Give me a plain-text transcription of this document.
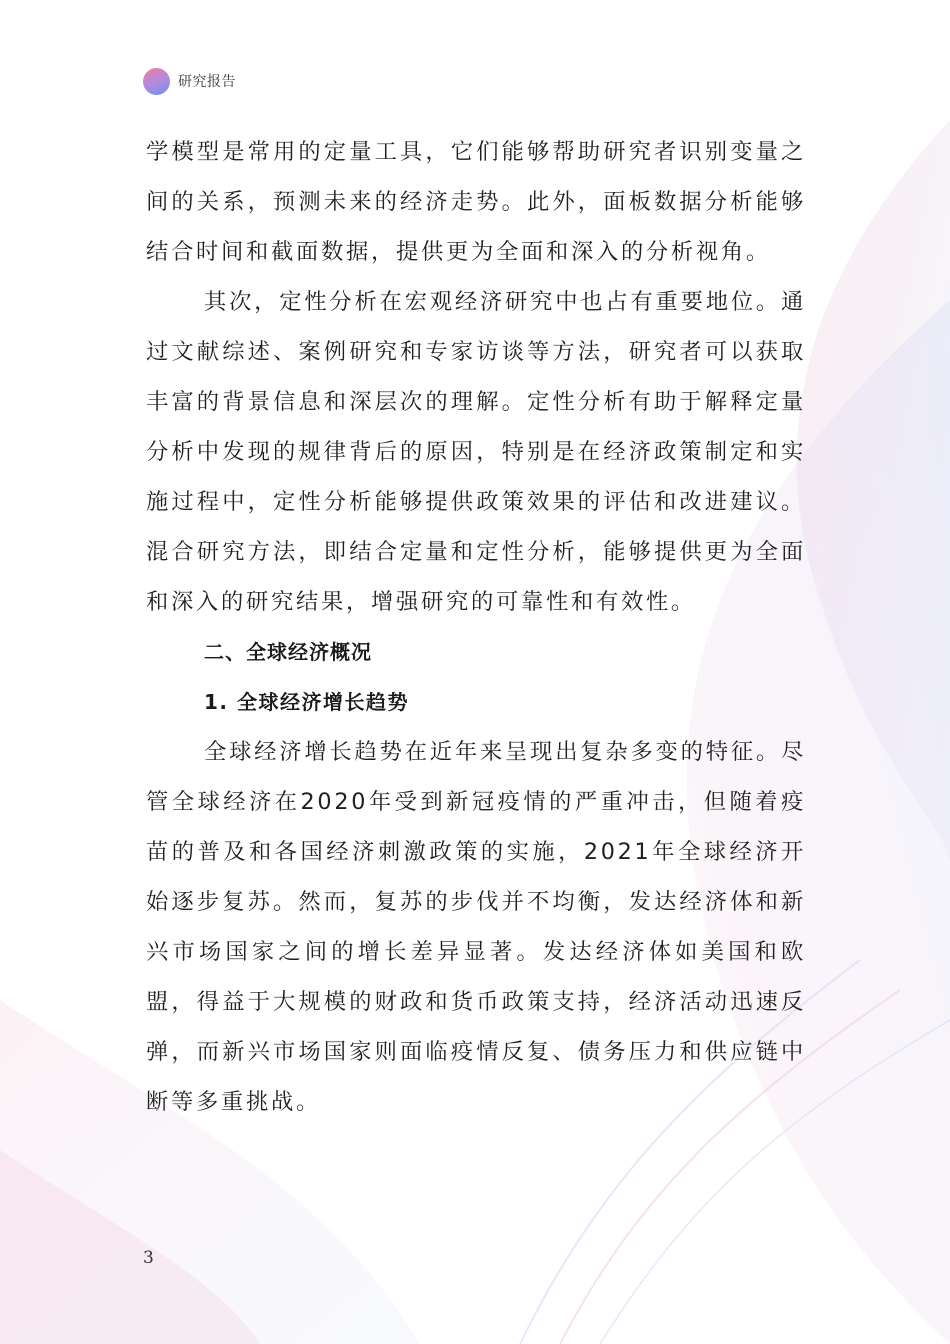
研究报告

学模型是常用的定量工具，它们能够帮助研究者识别变量之间的关系，预测未来的经济走势。此外，面板数据分析能够结合时间和截面数据，提供更为全面和深入的分析视角。

其次，定性分析在宏观经济研究中也占有重要地位。通过文献综述、案例研究和专家访谈等方法，研究者可以获取丰富的背景信息和深层次的理解。定性分析有助于解释定量分析中发现的规律背后的原因，特别是在经济政策制定和实施过程中，定性分析能够提供政策效果的评估和改进建议。混合研究方法，即结合定量和定性分析，能够提供更为全面和深入的研究结果，增强研究的可靠性和有效性。

二、全球经济概况
1. 全球经济增长趋势

全球经济增长趋势在近年来呈现出复杂多变的特征。尽管全球经济在2020年受到新冠疫情的严重冲击，但随着疫苗的普及和各国经济刺激政策的实施，2021年全球经济开始逐步复苏。然而，复苏的步伐并不均衡，发达经济体和新兴市场国家之间的增长差异显著。发达经济体如美国和欧盟，得益于大规模的财政和货币政策支持，经济活动迅速反弹，而新兴市场国家则面临疫情反复、债务压力和供应链中断等多重挑战。

3
